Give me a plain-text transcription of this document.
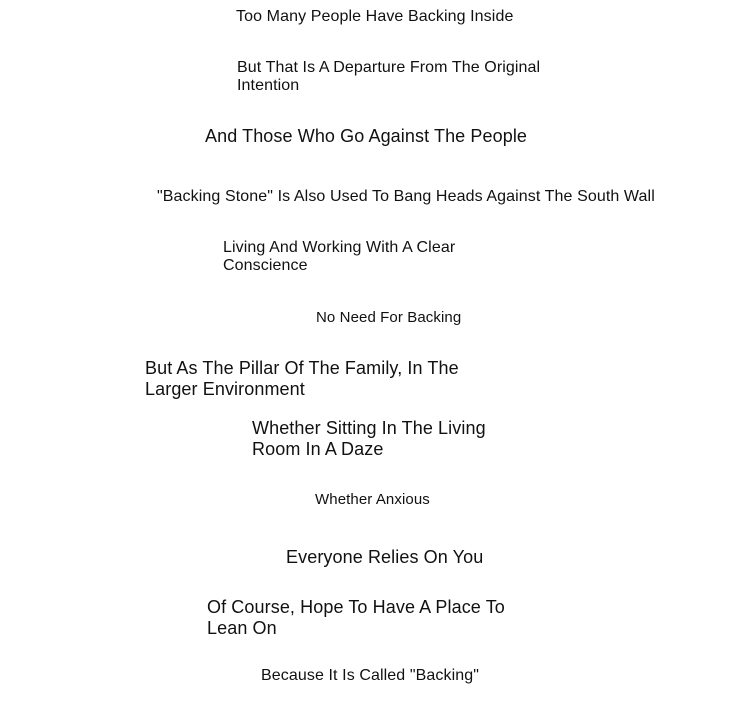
Too Many People Have Backing Inside

But That Is A Departure From The Original Intention

And Those Who Go Against The People

"Backing Stone" Is Also Used To Bang Heads Against The South Wall

Living And Working With A Clear Conscience

No Need For Backing

But As The Pillar Of The Family, In The Larger Environment

Whether Sitting In The Living Room In A Daze

Whether Anxious

Everyone Relies On You

Of Course, Hope To Have A Place To Lean On

Because It Is Called "Backing"
